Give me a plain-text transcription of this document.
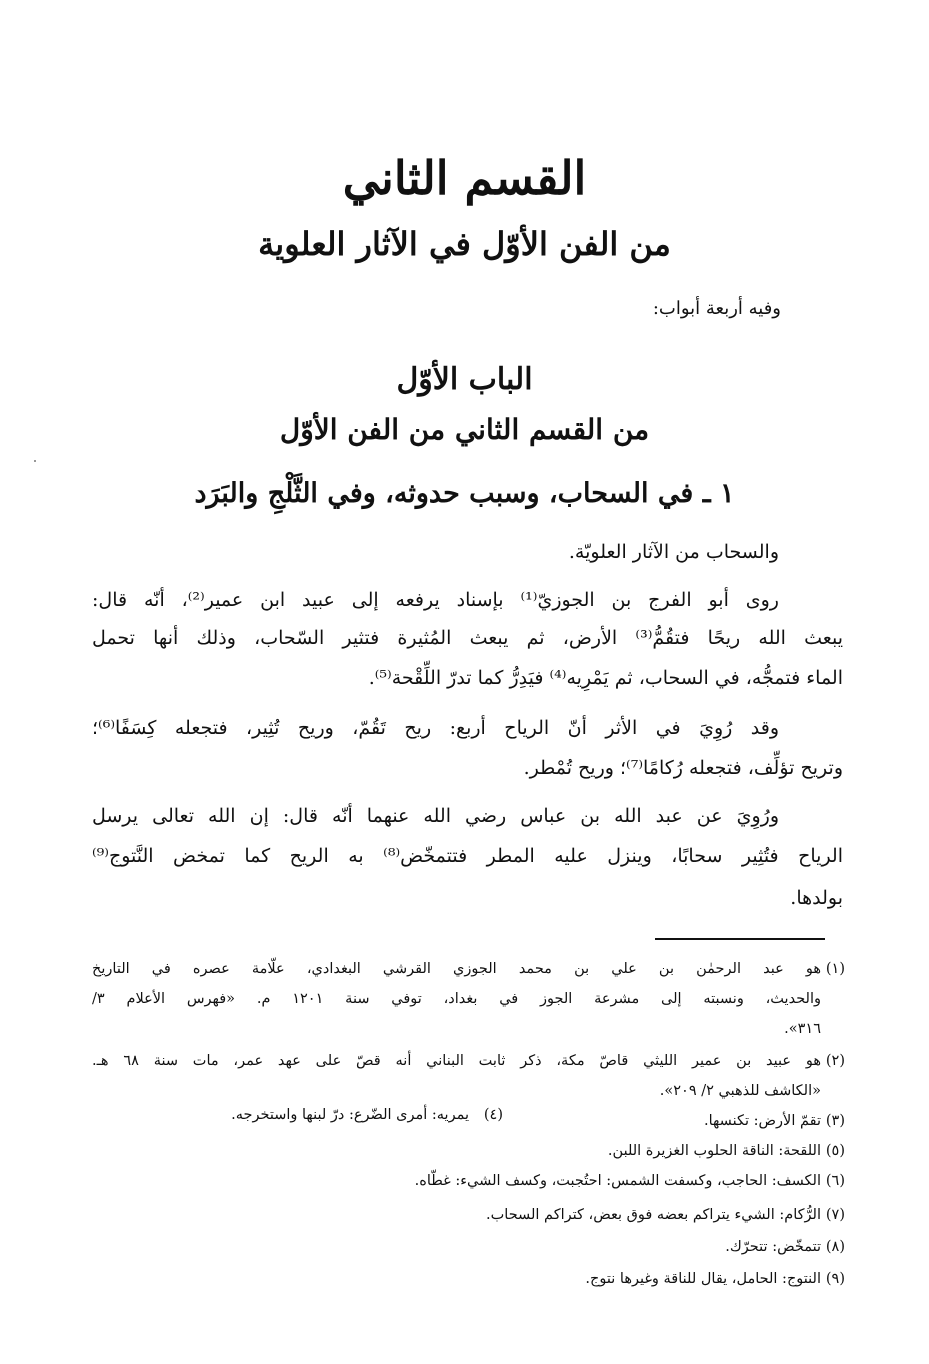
القسم الثاني
من الفن الأوّل في الآثار العلوية
وفيه أربعة أبواب:
الباب الأوّل
من القسم الثاني من الفن الأوّل
١ ـ في السحاب، وسبب حدوثه، وفي الثَّلْجِ والبَرَد
والسحاب من الآثار العلويّة.
روى أبو الفرج بن الجوزيّ⁽¹⁾ بإسناد يرفعه إلى عبيد ابن عمير⁽²⁾، أنّه قال:
يبعث الله ريحًا فتقُمُّ⁽³⁾ الأرض، ثم يبعث المُثيرة فتثير السّحاب، وذلك أنها تحمل
الماء فتمجُّه، في السحاب، ثم يَمْرِيه⁽⁴⁾ فيَدِرُّ كما تدرّ اللِّقْحة⁽⁵⁾.
وقد رُوِيَ في الأثر أنّ الرياح أربع: ريح تَقُمّ، وريح تُثِير، فتجعله كِسَفًا⁽⁶⁾؛
وتريح تؤلِّف، فتجعله رُكامًا⁽⁷⁾؛ وريح تُمْطر.
ورُوِيَ عن عبد الله بن عباس رضي الله عنهما أنّه قال: إن الله تعالى يرسل
الرياح فتُثِير سحابًا، وينزل عليه المطر فتتمخّض⁽⁸⁾ به الريح كما تمخض النَّتوج⁽⁹⁾
بولدها.
(١)
هو عبد الرحمٰن بن علي بن محمد الجوزي القرشي البغدادي، علّامة عصره في التاريخ
والحديث، ونسبته إلى مشرعة الجوز في بغداد، توفي سنة ١٢٠١ م. «فهرس الأعلام ٣/
٣١٦».
(٢)
هو عبيد بن عمير الليثي قاصّ مكة، ذكر ثابت البناني أنه قصّ على عهد عمر، مات سنة ٦٨ هـ.
«الكاشف للذهبي ٢/ ٢٠٩».
(٣)
تقمّ الأرض: تكنسها.
(٤)
يمريه: أمرى الضّرع: درّ لبنها واستخرجه.
(٥)
اللقحة: الناقة الحلوب الغزيرة اللبن.
(٦)
الكسف: الحاجب، وكسفت الشمس: احتُجبت، وكسف الشيء: غطّاه.
(٧)
الرُّكام: الشيء يتراكم بعضه فوق بعض، كتراكم السحاب.
(٨)
تتمخّض: تتحرّك.
(٩)
النتوج: الحامل، يقال للناقة وغيرها نتوج.
